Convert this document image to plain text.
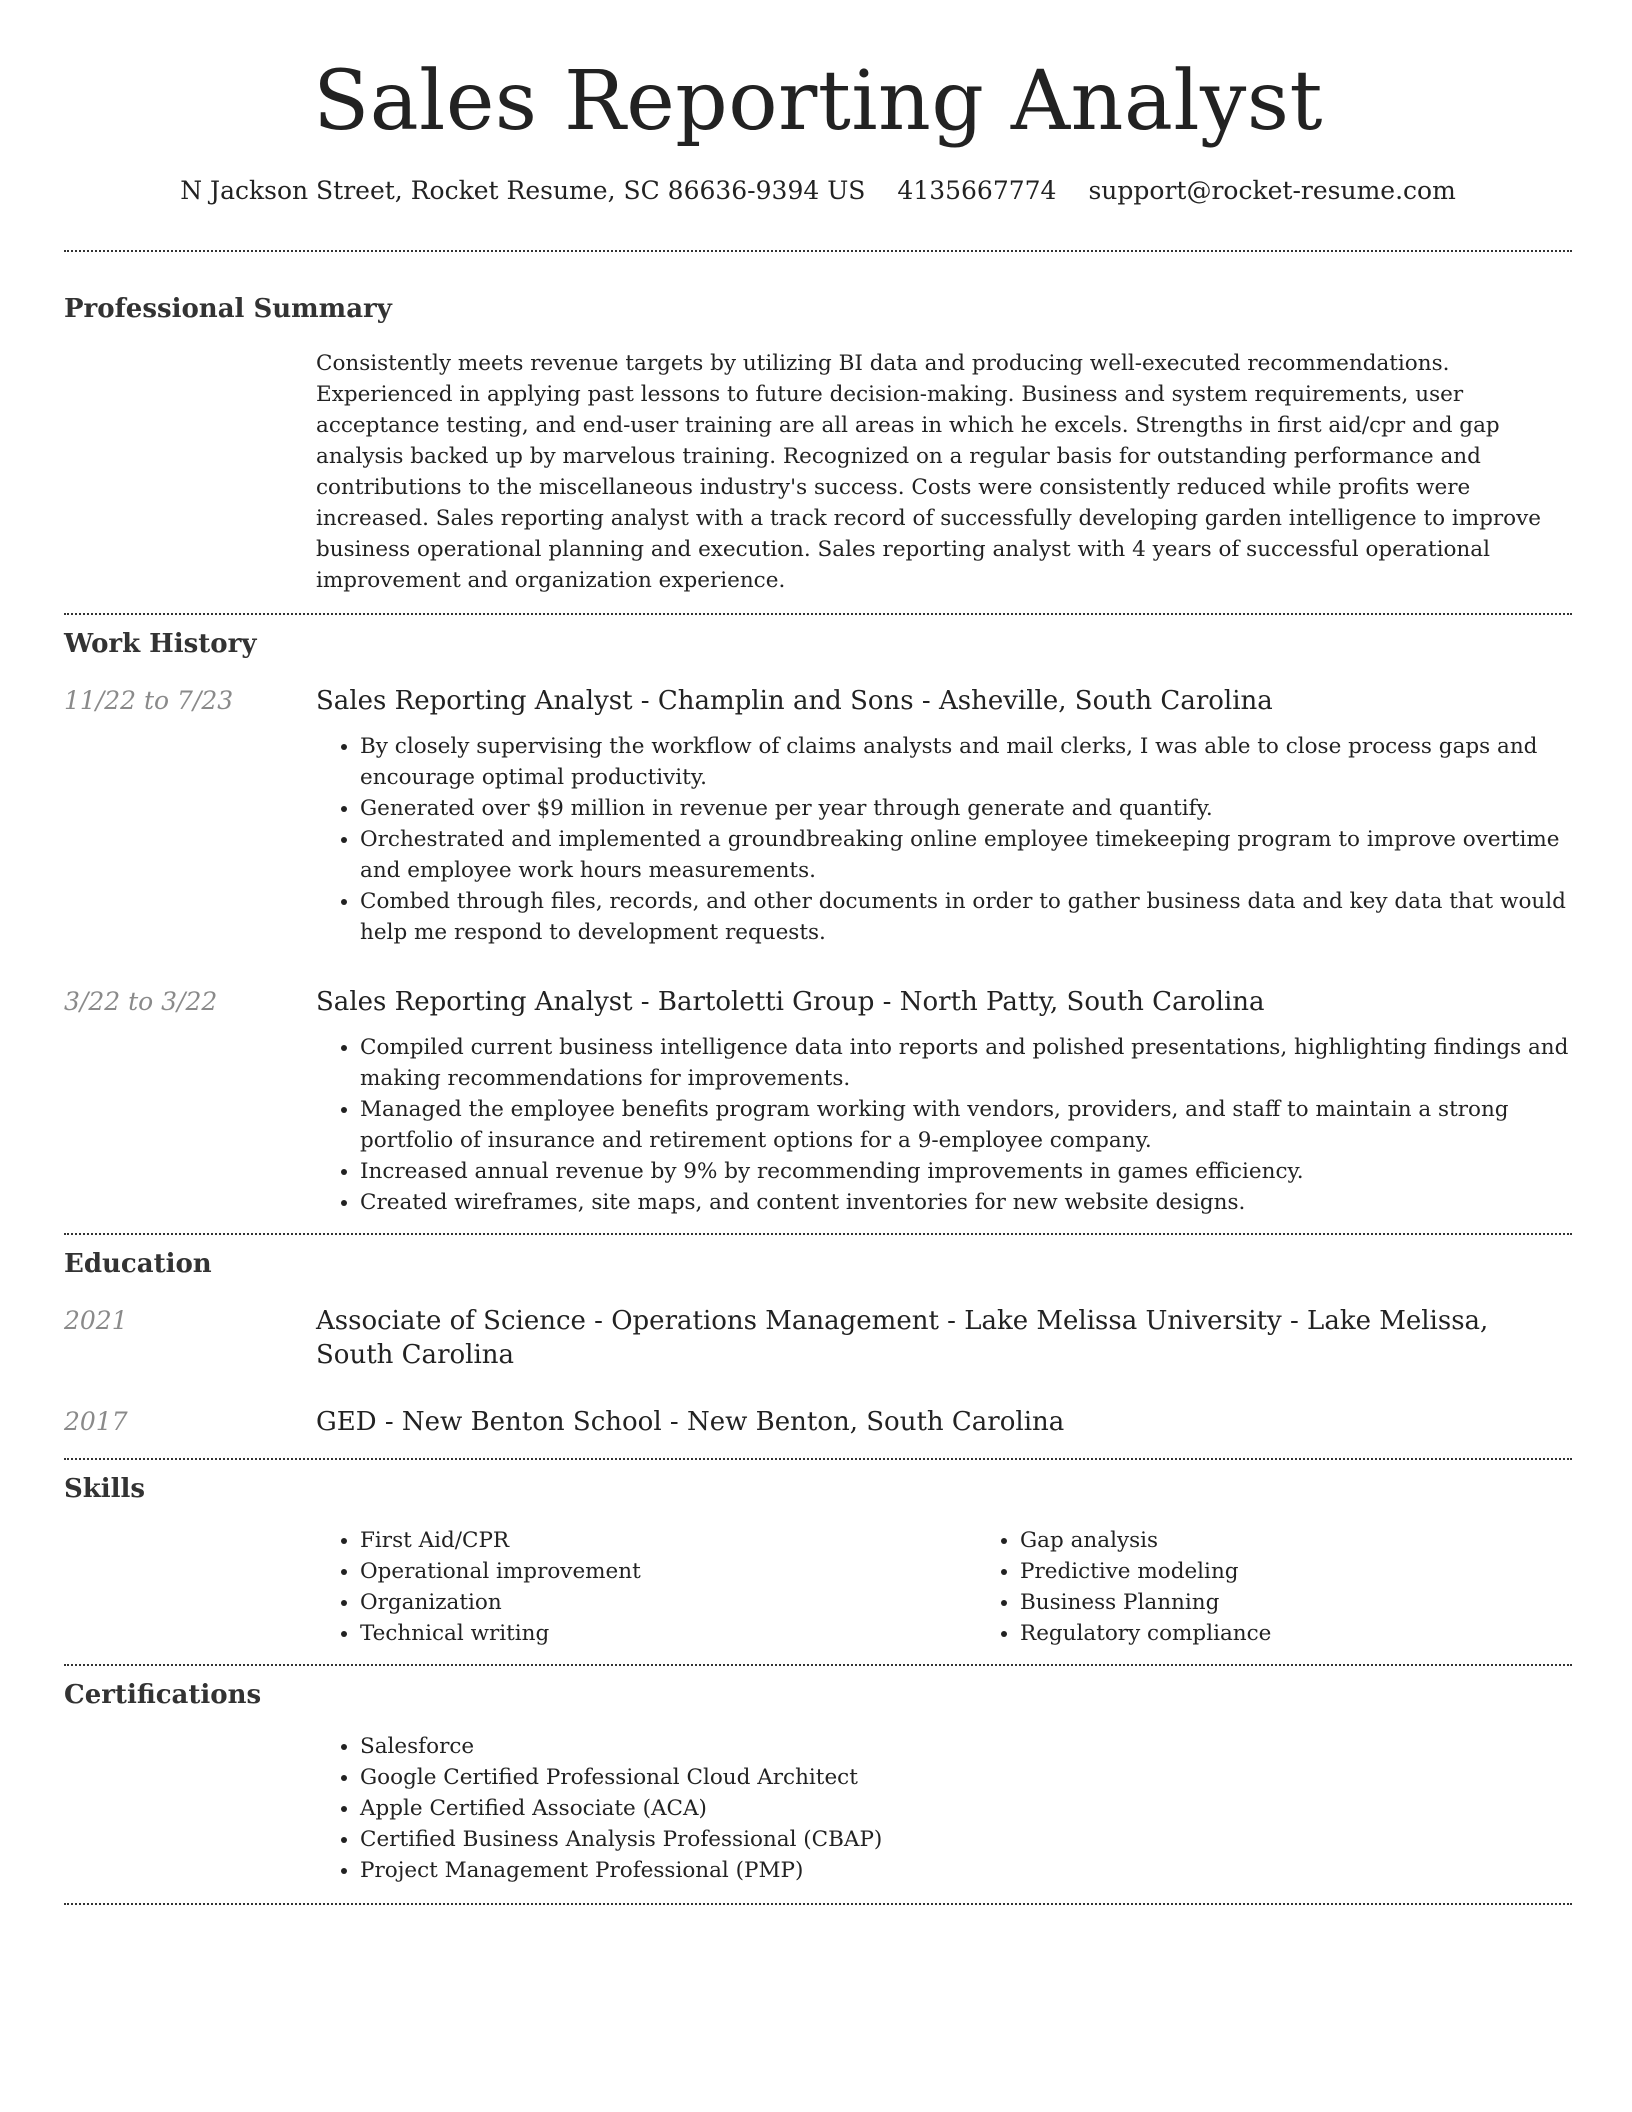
Sales Reporting Analyst
N Jackson Street, Rocket Resume, SC 86636-9394 US 4135667774 support@rocket-resume.com
Professional Summary

Consistently meets revenue targets by utilizing BI data and producing well-executed recommendations. Experienced in applying past lessons to future decision-making. Business and system requirements, user acceptance testing, and end-user training are all areas in which he excels. Strengths in first aid/cpr and gap analysis backed up by marvelous training. Recognized on a regular basis for outstanding performance and contributions to the miscellaneous industry's success. Costs were consistently reduced while profits were increased. Sales reporting analyst with a track record of successfully developing garden intelligence to improve business operational planning and execution. Sales reporting analyst with 4 years of successful operational improvement and organization experience.

Work History
11/22 to 7/23	Sales Reporting Analyst - Champlin and Sons - Asheville, South Carolina
• By closely supervising the workflow of claims analysts and mail clerks, I was able to close process gaps and encourage optimal productivity.
• Generated over $9 million in revenue per year through generate and quantify.
• Orchestrated and implemented a groundbreaking online employee timekeeping program to improve overtime and employee work hours measurements.
• Combed through files, records, and other documents in order to gather business data and key data that would help me respond to development requests.
3/22 to 3/22	Sales Reporting Analyst - Bartoletti Group - North Patty, South Carolina
• Compiled current business intelligence data into reports and polished presentations, highlighting findings and making recommendations for improvements.
• Managed the employee benefits program working with vendors, providers, and staff to maintain a strong portfolio of insurance and retirement options for a 9-employee company.
• Increased annual revenue by 9% by recommending improvements in games efficiency.
• Created wireframes, site maps, and content inventories for new website designs.
Education
2021	Associate of Science - Operations Management - Lake Melissa University - Lake Melissa, South Carolina
2017	GED - New Benton School - New Benton, South Carolina
Skills
• First Aid/CPR
• Operational improvement
• Organization
• Technical writing
• Gap analysis
• Predictive modeling
• Business Planning
• Regulatory compliance
Certifications
• Salesforce
• Google Certified Professional Cloud Architect
• Apple Certified Associate (ACA)
• Certified Business Analysis Professional (CBAP)
• Project Management Professional (PMP)
